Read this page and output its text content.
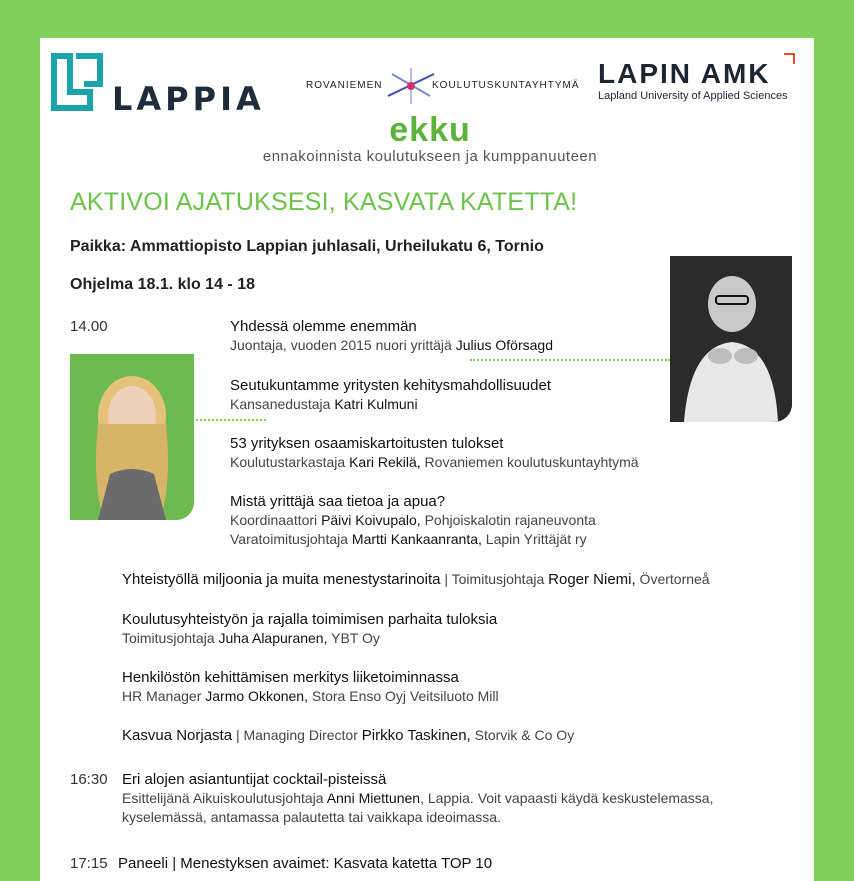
LAPPIA	ROVANIEMEN	KOULUTUSKUNTAYHTYMÄ LAPIN AMK
Lapland University of Applied Sciences
ekku
ennakoinnista koulutukseen ja kumppanuuteen
AKTIVOI AJATUKSESI, KASVATA KATETTA!
Paikka: Ammattiopisto Lappian juhlasali, Urheilukatu 6, Tornio
Ohjelma 18.1. klo 14 - 18
14.00	Yhdessä olemme enemmän
Juontaja, vuoden 2015 nuori yrittäjä Julius Oförsagd
Seutukuntamme yritysten kehitysmahdollisuudet
Kansanedustaja Katri Kulmuni
53 yrityksen osaamiskartoitusten tulokset
Koulutustarkastaja Kari Rekilä, Rovaniemen koulutuskuntayhtymä
Mistä yrittäjä saa tietoa ja apua?
Koordinaattori Päivi Koivupalo, Pohjoiskalotin rajaneuvonta
Varatoimitusjohtaja Martti Kankaanranta, Lapin Yrittäjät ry
Yhteistyöllä miljoonia ja muita menestystarinoita | Toimitusjohtaja Roger Niemi, Övertorneå
Koulutusyhteistyön ja rajalla toimimisen parhaita tuloksia
Toimitusjohtaja Juha Alapuranen, YBT Oy
Henkilöstön kehittämisen merkitys liiketoiminnassa
HR Manager Jarmo Okkonen, Stora Enso Oyj Veitsiluoto Mill
Kasvua Norjasta | Managing Director Pirkko Taskinen, Storvik & Co Oy
16:30 Eri alojen asiantuntijat cocktail-pisteissä
Esittelijänä Aikuiskoulutusjohtaja Anni Miettunen, Lappia. Voit vapaasti käydä keskustelemassa,
kyselemässä, antamassa palautetta tai vaikkapa ideoimassa.
17:15 Paneeli | Menestyksen avaimet: Kasvata katetta TOP 10
